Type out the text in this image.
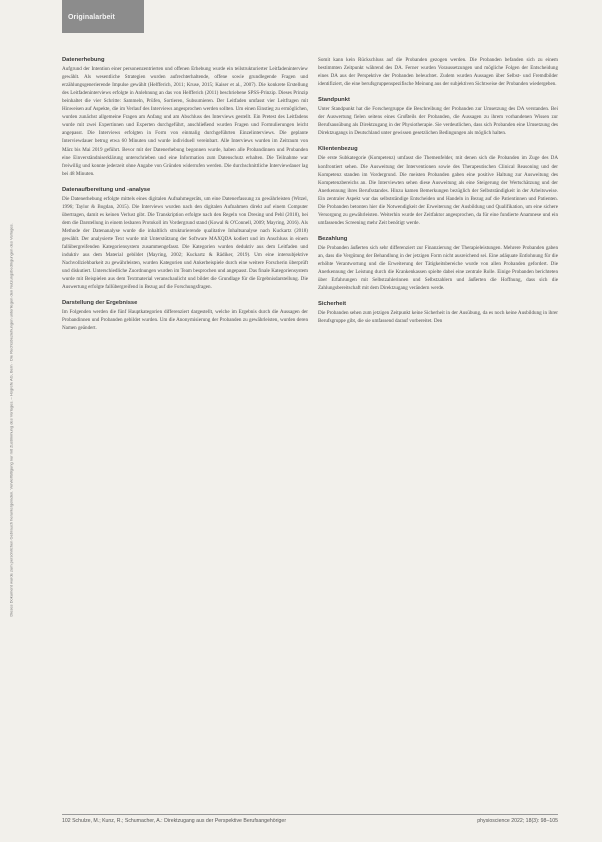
Originalarbeit
Dieses Dokument wurde zum persönlichen Gebrauch heruntergeladen. Vervielfältigung nur mit Zustimmung des Verlages. – Hogrefe AG, Bern · Die Rechtsbeziehungen unterliegen den Nutzungsbedingungen des Verlages.
Datenerhebung

Aufgrund der Intention einer personenzentrierten und offenen Erhebung wurde ein teilstrukturierter Leitfadeninterview gewählt. Als wesentliche Strategien wurden aufrechterhaltende, offene sowie grundlegende Fragen und erzählungsgenerierende Impulse gewählt (Helfferich, 2011; Kruse, 2015; Kaiser et al., 2007). Die konkrete Erstellung des Leitfadeninterviews erfolgte in Anlehnung an das von Helfferich (2011) beschriebene SPSS-Prinzip. Dieses Prinzip beinhaltet die vier Schritte: Sammeln, Prüfen, Sortieren, Subsumieren. Der Leitfaden umfasst vier Leitfragen mit Hinweisen auf Aspekte, die im Verlauf des Interviews angesprochen werden sollten. Um einen Einstieg zu ermöglichen, wurden zunächst allgemeine Fragen am Anfang und am Abschluss des Interviews gestellt. Ein Pretest des Leitfadens wurde mit zwei Expertinnen und Experten durchgeführt, anschließend wurden Fragen und Formulierungen leicht angepasst. Die Interviews erfolgten in Form von einmalig durchgeführten Einzelinterviews. Die geplante Interviewdauer betrug etwa 60 Minuten und wurde individuell vereinbart. Alle Interviews wurden im Zeitraum von März bis Mai 2019 geführt. Bevor mit der Datenerhebung begonnen wurde, haben alle Probandinnen und Probanden eine Einverständniserklärung unterschrieben und eine Information zum Datenschutz erhalten. Die Teilnahme war freiwillig und konnte jederzeit ohne Angabe von Gründen widerrufen werden. Die durchschnittliche Interviewdauer lag bei 48 Minuten.

Datenaufbereitung und -analyse

Die Datenerhebung erfolgte mittels eines digitalen Aufnahmegeräts, um eine Datenerfassung zu gewährleisten (Witzel, 1996; Taylor & Bogdan, 2015). Die Interviews wurden nach den digitalen Aufnahmen direkt auf einem Computer übertragen, damit es keinen Verlust gibt. Die Transkription erfolgte nach den Regeln von Dresing und Pehl (2018), bei dem die Darstellung in einem lesbaren Protokoll im Vordergrund stand (Kowal & O'Connell, 2009; Mayring, 2016). Als Methode der Datenanalyse wurde die inhaltlich strukturierende qualitative Inhaltsanalyse nach Kuckartz (2018) gewählt. Der analysierte Text wurde mit Unterstützung der Software MAXQDA kodiert und im Anschluss in einem fallübergreifenden Kategoriensystem zusammengefasst. Die Kategorien wurden deduktiv aus dem Leitfaden und induktiv aus dem Material gebildet (Mayring, 2002; Kuckartz & Rädiker, 2019). Um eine intersubjektive Nachvollziehbarkeit zu gewährleisten, wurden Kategorien und Ankerbeispiele durch eine weitere Forscherin überprüft und diskutiert. Unterschiedliche Zuordnungen wurden im Team besprochen und angepasst. Das finale Kategoriensystem wurde mit Beispielen aus dem Textmaterial veranschaulicht und bildet die Grundlage für die Ergebnisdarstellung. Die Auswertung erfolgte fallübergreifend in Bezug auf die Forschungsfragen.

Darstellung der Ergebnisse

Im Folgenden werden die fünf Hauptkategorien differenziert dargestellt, welche im Ergebnis durch die Aussagen der Probandinnen und Probanden gebildet wurden. Um die Anonymisierung der Probanden zu gewährleisten, wurden deren Namen geändert.

Somit kann kein Rückschluss auf die Probanden gezogen werden. Die Probanden befanden sich zu einem bestimmten Zeitpunkt während des DA. Ferner wurden Voraussetzungen und mögliche Folgen der Entscheidung eines DA aus der Perspektive der Probanden beleuchtet. Zudem wurden Aussagen über Selbst- und Fremdbilder identifiziert, die eine berufsgruppenspezifische Meinung aus der subjektiven Sichtweise der Probanden wiedergeben.

Standpunkt

Unter Standpunkt hat die Forschergruppe die Beschreibung der Probanden zur Umsetzung des DA verstanden. Bei der Auswertung fielen seitens eines Großteils der Probanden, die Aussagen zu ihrem vorhandenen Wissen zur Berufsausübung als Direktzugang in der Physiotherapie. Sie verdeutlichen, dass sich Probanden eine Umsetzung des Direktzugangs in Deutschland unter gewissen gesetzlichen Bedingungen als möglich halten.

Klientenbezug

Die erste Subkategorie (Kompetenz) umfasst die Themenfelder, mit denen sich die Probanden im Zuge des DA konfrontiert sehen. Die Ausweitung der Interventionen sowie des Therapeutischen Clinical Reasoning und der Kompetenz standen im Vordergrund. Die meisten Probanden gaben eine positive Haltung zur Ausweitung des Kompetenzbereichs an. Die Interviewten sehen diese Ausweitung als eine Steigerung der Wertschätzung und der Anerkennung ihres Berufsstandes. Hinzu kamen Bemerkungen bezüglich der Selbstständigkeit in der Arbeitsweise. Ein zentraler Aspekt war das selbstständige Entscheiden und Handeln in Bezug auf die Patientinnen und Patienten. Die Probanden betonten hier die Notwendigkeit der Erweiterung der Ausbildung und Qualifikation, um eine sichere Versorgung zu gewährleisten. Weiterhin wurde der Zeitfaktor angesprochen, da für eine fundierte Anamnese und ein umfassendes Screening mehr Zeit benötigt werde.

Bezahlung

Die Probanden äußerten sich sehr differenziert zur Finanzierung der Therapieleistungen. Mehrere Probanden gaben an, dass die Vergütung der Behandlung in der jetzigen Form nicht ausreichend sei. Eine adäquate Entlohnung für die erhöhte Verantwortung und die Erweiterung der Tätigkeitsbereiche wurde von allen Probanden gefordert. Die Anerkennung der Leistung durch die Krankenkassen spielte dabei eine zentrale Rolle. Einige Probanden berichteten über Erfahrungen mit Selbstzahlerinnen und Selbstzahlern und äußerten die Hoffnung, dass sich die Zahlungsbereitschaft mit dem Direktzugang verändern werde.

Sicherheit

Die Probanden sehen zum jetzigen Zeitpunkt keine Sicherheit in der Ausübung, da es noch keine Ausbildung in ihrer Berufsgruppe gibt, die sie umfassend darauf vorbereitet. Den

102 Schulze, M.; Kunz, R.; Schumacher, A.: Direktzugang aus der Perspektive Berufsangehöriger	physioscience 2022; 18(3): 98–105
